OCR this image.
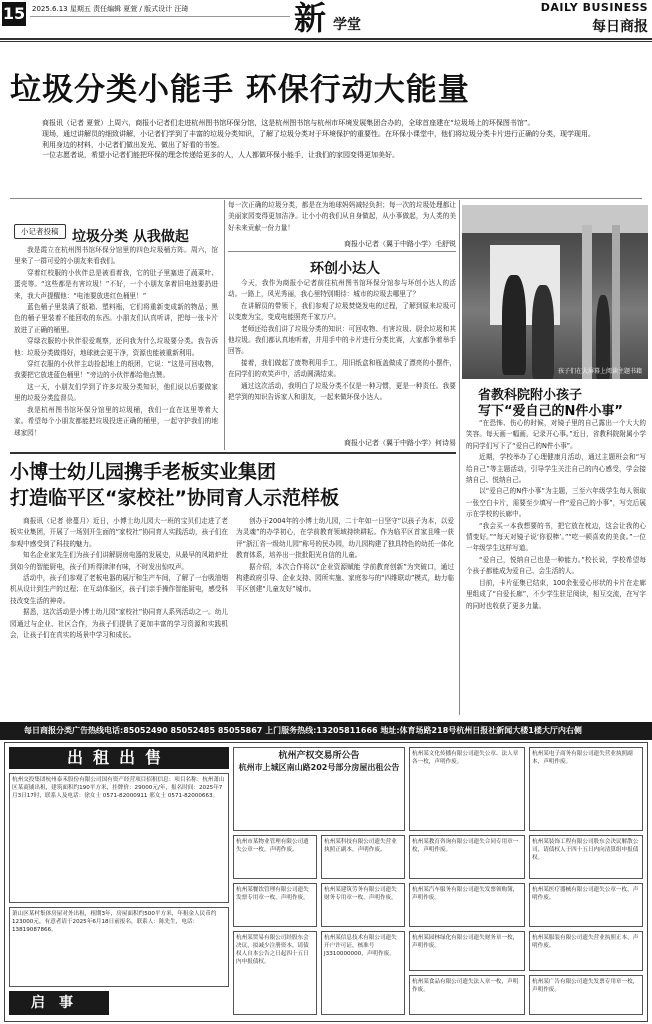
15 2025.6.13 星期五 责任编辑 夏萱 / 版式设计 汪琦	新 学堂
DAILY BUSINESS
每日商报
垃圾分类小能手 环保行动大能量

商报讯（记者 夏萱）上周六，商报小记者们走进杭州图书馆环保分馆，这是杭州图书馆与杭州市环境发展集团合办的，全球首座建在“垃圾场上的环保图书馆”。

现场，通过讲解员的细致讲解，小记者们学到了丰富的垃圾分类知识，了解了垃圾分类对于环境保护的重要性。在环保小课堂中，他们将垃圾分类卡片进行正确的分类，现学现用。

利用身边的材料，小记者们做出发光、做出了好看的书签。

一位志愿者说，希望小记者们能把环保的理念传递给更多的人，人人都做环保小能手，让我们的家园变得更加美好。

小记者投稿 垃圾分类 从我做起

我是霞立在杭州图书馆环保分馆里的四色垃圾桶方阵。周六，馆里来了一群可爱的小朋友来看我们。

穿着红校服的小伙伴总是被看着我，它的肚子里塞进了蔬菜叶、蛋壳等。“这些都是有害垃圾！”不好，一个小朋友拿着旧电池要扔进来，我大声提醒他：“电池要放进红色桶里！”

蓝色桶子里装满了纸箱、塑料瓶，它们将重新变成新的物品；黑色的桶子里装着不能回收的东西。小朋友们认真听讲，把每一张卡片放进了正确的桶里。

穿绿衣服的小伙伴很爱观察，还问我为什么垃圾要分类。我告诉他：垃圾分类做得好，地球就会更干净，资源也能被重新利用。

穿红衣服的小伙伴主动捡起地上的纸团，它说：“这是可回收物，我要把它放进蓝色桶里！”旁边的小伙伴都给他点赞。

这一天，小朋友们学到了许多垃圾分类知识，他们说以后要做家里的垃圾分类监督员。

我是杭州图书馆环保分馆里的垃圾桶，我们一直在这里等着大家。希望每个小朋友都能把垃圾投进正确的桶里，一起守护我们的地球家园！

每一次正确的垃圾分类，都是在为地球妈妈减轻负担；每一次的垃圾处理都让美丽家园变得更加洁净。让小小的我们从自身做起，从小事做起，为人类的美好未来贡献一份力量！
商报小记者（翼于中路小学）毛舒锐
环创小达人

今天，我作为商报小记者前往杭州图书馆环保分馆参与环创小达人的活动。一路上，风光秀丽，我心里特别期待：城市的垃圾去哪里了？

在讲解员的带领下，我们参观了垃圾焚烧发电的过程，了解到原来垃圾可以变废为宝，变成电能照亮千家万户。

老师还给我们讲了垃圾分类的知识：可回收物、有害垃圾、厨余垃圾和其他垃圾。我们都认真地听着，并用手中的卡片进行分类比赛，大家都争着举手回答。

接着，我们做起了废物利用手工，用旧纸盒和瓶盖做成了漂亮的小摆件，在同学们的欢笑声中，活动圆满结束。

通过这次活动，我明白了垃圾分类不仅是一种习惯，更是一种责任。我要把学到的知识告诉家人和朋友，一起来做环保小达人。

商报小记者（翼于中路小学）何诗易
孩子们在大屏幕上阅读主题书籍
省教科院附小孩子
写下“爱自己的N件小事”

“在恐怖、伤心的时候，对镜子里的自己露出一个大大的笑容。每天画一幅画，记录开心事。”近日，省教科院附属小学的同学们写下了“爱自己的N件小事”。

近期，学校举办了心理健康月活动，通过主题班会和“写给自己”等主题活动，引导学生关注自己的内心感受，学会接纳自己、悦纳自己。

以“爱自己的N件小事”为主题，三至六年级学生每人领取一张空白卡片，需要至少填写一件“爱自己的小事”，写完后展示在学校的长廊中。

“我会买一本我想要的书，把它放在枕边，这会让我的心情变好。”“每天对镜子说‘你很棒’。”“吃一顿喜欢的美食。”一位一年级学生这样写道。

“爱自己，悦纳自己也是一种能力。”校长说，学校希望每个孩子都能成为爱自己、会生活的人。

目前，卡片征集已结束，100余张爱心形状的卡片在走廊里组成了“自爱长廊”，不少学生驻足阅读，相互交流，在写字的同时也收获了更多力量。

小博士幼儿园携手老板实业集团
打造临平区“家校社”协同育人示范样板

商报讯（记者 徐蔓月）近日，小博士幼儿园大一班的宝贝们走进了老板实业集团，开展了一场别开生面的“家校社”协同育人实践活动，孩子们在参观中感受到了科技的魅力。

知名企业家先生们为孩子们讲解厨房电器的发展史，从最早的风箱炉灶到如今的智能厨电，孩子们听得津津有味，不时发出惊叹声。

活动中，孩子们参观了老板电器的展厅和生产车间，了解了一台吸油烟机从设计到生产的过程；在互动体验区，孩子们亲手操作智能厨电，感受科技改变生活的神奇。

据悉，这次活动是小博士幼儿园“家校社”协同育人系列活动之一。幼儿园通过与企业、社区合作，为孩子们提供了更加丰富的学习资源和实践机会，让孩子们在真实的场景中学习和成长。

创办于2004年的小博士幼儿园，二十年如一日坚守“以孩子为本，以爱为灵魂”的办学初心，在学前教育领域持续耕耘。作为临平区首家且唯一获评“浙江省一级幼儿园”称号的民办园，幼儿园构建了独具特色的幼托一体化教育体系，培养出一批批阳光自信的儿童。

据介绍，本次合作将以“企业资源赋能 学前教育创新”为突破口，通过构建政府引导、企业支持、园所实施、家庭参与的“四维联动”模式，助力临平区创建“儿童友好”城市。

每日商报分类广告热线电话:85052490 85052485 85055867 上门服务热线:13205811666 地址:体育场路218号杭州日报社新闻大楼1楼大厅内右侧
出租出售
杭州交投集团杭州泰禾股份有限公司国有资产经营项目招租信息：项目名称：杭州萧山区某商铺出租，建筑面积约190平方米，挂牌价：29000元/年，报名时间：2025年7月3日17时，联系人及电话：徐女士 0571-82000911 邢女士 0571-82000663。
萧山区某村集体房屋对外出租，租期3年，房屋面积约500平方米，年租金人民币约123000元，有意者请于2025年6月18日前报名，联系人：陈先生，电话：13819087866。
启事
杭州产权交易所公告
杭州市上城区南山路202号部分房屋出租公告
杭州市某物业管理有限公司遗失公章一枚，声明作废。
杭州某科技有限公司遗失营业执照正副本，声明作废。
杭州某餐饮管理有限公司遗失发票专用章一枚，声明作废。
杭州某建筑劳务有限公司遗失财务专用章一枚，声明作废。
杭州某贸易有限公司经股东会决议，拟减少注册资本，请债权人自本公告之日起四十五日内申报债权。
杭州某信息技术有限公司遗失开户许可证，核准号J3310000000，声明作废。
杭州某文化传播有限公司遗失公章、法人章各一枚，声明作废。
杭州某电子商务有限公司遗失营业执照副本，声明作废。
杭州某教育咨询有限公司遗失合同专用章一枚，声明作废。
杭州某装饰工程有限公司股东会决议解散公司，请债权人于四十五日内向清算组申报债权。
杭州某汽车服务有限公司遗失发票领购簿，声明作废。
杭州某医疗器械有限公司遗失公章一枚，声明作废。
杭州某园林绿化有限公司遗失财务章一枚，声明作废。
杭州某服装有限公司遗失营业执照正本，声明作废。
杭州某食品有限公司遗失法人章一枚，声明作废。
杭州某广告有限公司遗失发票专用章一枚，声明作废。
